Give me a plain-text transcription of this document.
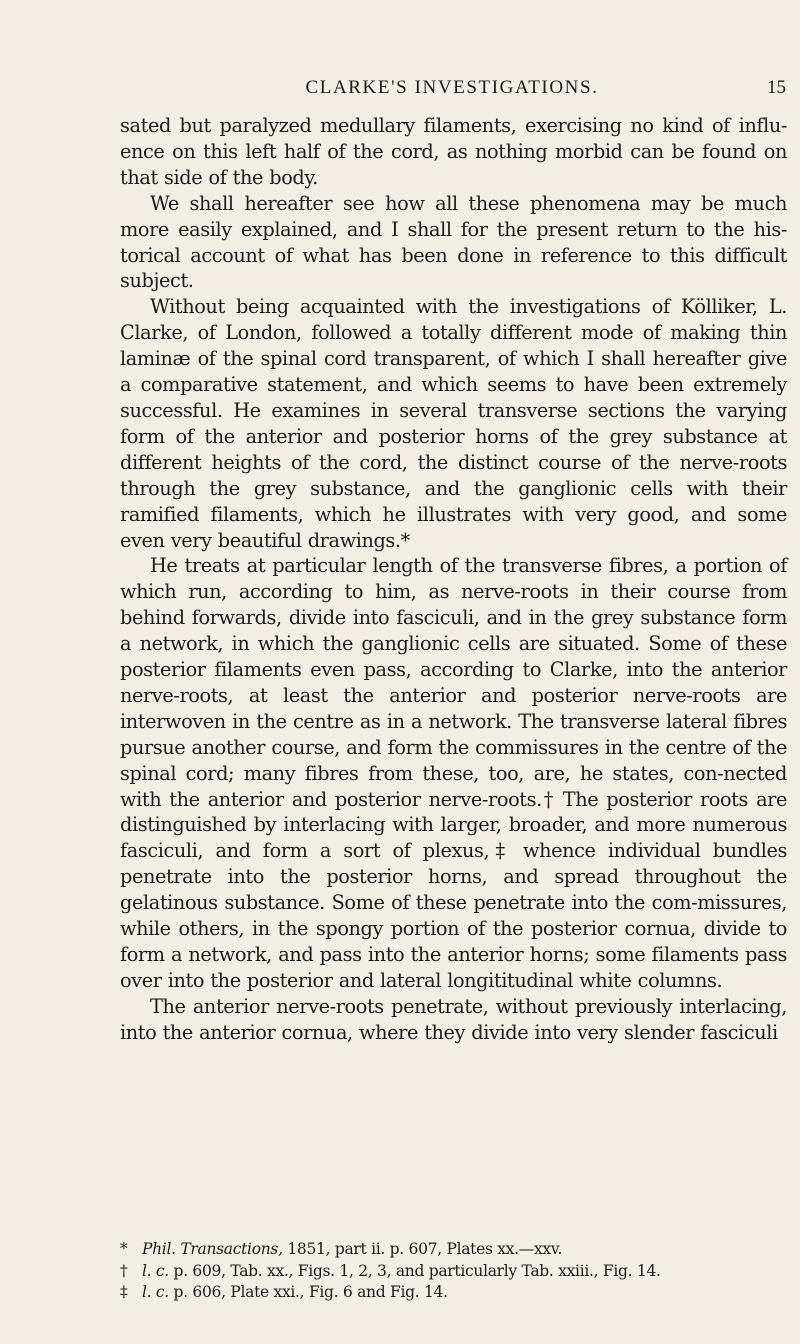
CLARKE'S INVESTIGATIONS.	15

sated but paralyzed medullary filaments, exercising no kind of influ-ence on this left half of the cord, as nothing morbid can be found on that side of the body.

We shall hereafter see how all these phenomena may be much more easily explained, and I shall for the present return to the his-torical account of what has been done in reference to this difficult subject.

Without being acquainted with the investigations of Kölliker, L. Clarke, of London, followed a totally different mode of making thin laminæ of the spinal cord transparent, of which I shall hereafter give a comparative statement, and which seems to have been extremely successful. He examines in several transverse sections the varying form of the anterior and posterior horns of the grey substance at different heights of the cord, the distinct course of the nerve-roots through the grey substance, and the ganglionic cells with their ramified filaments, which he illustrates with very good, and some even very beautiful drawings.*

He treats at particular length of the transverse fibres, a portion of which run, according to him, as nerve-roots in their course from behind forwards, divide into fasciculi, and in the grey substance form a network, in which the ganglionic cells are situated. Some of these posterior filaments even pass, according to Clarke, into the anterior nerve-roots, at least the anterior and posterior nerve-roots are interwoven in the centre as in a network. The transverse lateral fibres pursue another course, and form the commissures in the centre of the spinal cord; many fibres from these, too, are, he states, con-nected with the anterior and posterior nerve-roots.† The posterior roots are distinguished by interlacing with larger, broader, and more numerous fasciculi, and form a sort of plexus,‡ whence individual bundles penetrate into the posterior horns, and spread throughout the gelatinous substance. Some of these penetrate into the com-missures, while others, in the spongy portion of the posterior cornua, divide to form a network, and pass into the anterior horns; some filaments pass over into the posterior and lateral longititudinal white columns.

The anterior nerve-roots penetrate, without previously interlacing, into the anterior cornua, where they divide into very slender fasciculi

* Phil. Transactions, 1851, part ii. p. 607, Plates xx.—xxv.

† l. c. p. 609, Tab. xx., Figs. 1, 2, 3, and particularly Tab. xxiii., Fig. 14.

‡ l. c. p. 606, Plate xxi., Fig. 6 and Fig. 14.
